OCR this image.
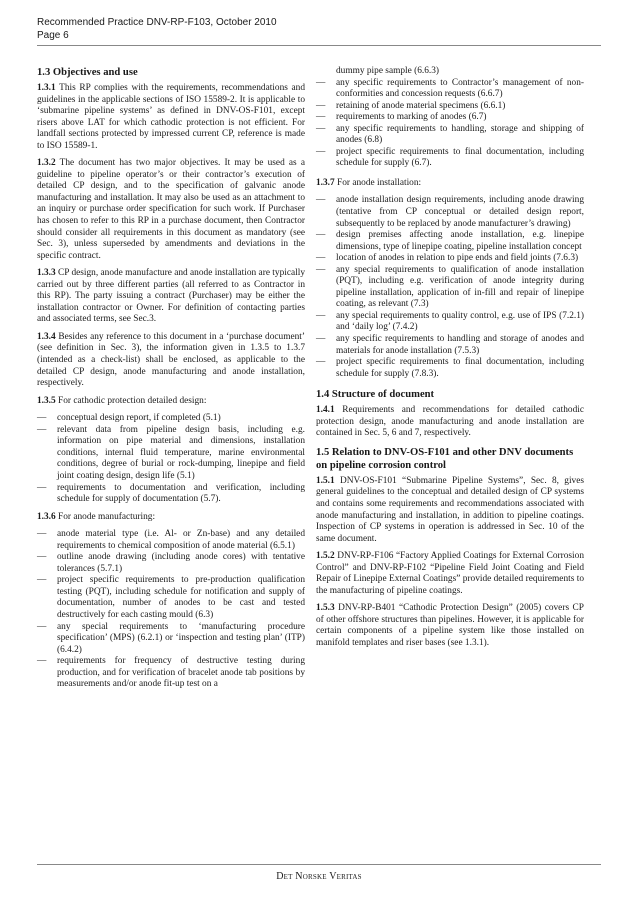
Recommended Practice DNV-RP-F103, October 2010
Page 6
1.3 Objectives and use

1.3.1 This RP complies with the requirements, recommendations and guidelines in the applicable sections of ISO 15589-2. It is applicable to ‘submarine pipeline systems’ as defined in DNV-OS-F101, except risers above LAT for which cathodic protection is not efficient. For landfall sections protected by impressed current CP, reference is made to ISO 15589-1.

1.3.2 The document has two major objectives. It may be used as a guideline to pipeline operator’s or their contractor’s execution of detailed CP design, and to the specification of galvanic anode manufacturing and installation. It may also be used as an attachment to an inquiry or purchase order specification for such work. If Purchaser has chosen to refer to this RP in a purchase document, then Contractor should consider all requirements in this document as mandatory (see Sec. 3), unless superseded by amendments and deviations in the specific contract.

1.3.3 CP design, anode manufacture and anode installation are typically carried out by three different parties (all referred to as Contractor in this RP). The party issuing a contract (Purchaser) may be either the installation contractor or Owner. For definition of contacting parties and associated terms, see Sec.3.

1.3.4 Besides any reference to this document in a ‘purchase document’ (see definition in Sec. 3), the information given in 1.3.5 to 1.3.7 (intended as a check-list) shall be enclosed, as applicable to the detailed CP design, anode manufacturing and anode installation, respectively.

1.3.5 For cathodic protection detailed design:

— conceptual design report, if completed (5.1)
— relevant data from pipeline design basis, including e.g. information on pipe material and dimensions, installation conditions, internal fluid temperature, marine environmental conditions, degree of burial or rock-dumping, linepipe and field joint coating design, design life (5.1)
— requirements to documentation and verification, including schedule for supply of documentation (5.7).

1.3.6 For anode manufacturing:

— anode material type (i.e. Al- or Zn-base) and any detailed requirements to chemical composition of anode material (6.5.1)
— outline anode drawing (including anode cores) with tentative tolerances (5.7.1)
— project specific requirements to pre-production qualification testing (PQT), including schedule for notification and supply of documentation, number of anodes to be cast and tested destructively for each casting mould (6.3)
— any special requirements to ‘manufacturing procedure specification’ (MPS) (6.2.1) or ‘inspection and testing plan’ (ITP) (6.4.2)
— requirements for frequency of destructive testing during production, and for verification of bracelet anode tab positions by measurements and/or anode fit-up test on a
dummy pipe sample (6.6.3)
— any specific requirements to Contractor’s management of non-conformities and concession requests (6.6.7)
— retaining of anode material specimens (6.6.1)
— requirements to marking of anodes (6.7)
— any specific requirements to handling, storage and shipping of anodes (6.8)
— project specific requirements to final documentation, including schedule for supply (6.7).

1.3.7 For anode installation:

— anode installation design requirements, including anode drawing (tentative from CP conceptual or detailed design report, subsequently to be replaced by anode manufacturer’s drawing)
— design premises affecting anode installation, e.g. linepipe dimensions, type of linepipe coating, pipeline installation concept
— location of anodes in relation to pipe ends and field joints (7.6.3)
— any special requirements to qualification of anode installation (PQT), including e.g. verification of anode integrity during pipeline installation, application of in-fill and repair of linepipe coating, as relevant (7.3)
— any special requirements to quality control, e.g. use of IPS (7.2.1) and ‘daily log’ (7.4.2)
— any specific requirements to handling and storage of anodes and materials for anode installation (7.5.3)
— project specific requirements to final documentation, including schedule for supply (7.8.3).
1.4 Structure of document

1.4.1 Requirements and recommendations for detailed cathodic protection design, anode manufacturing and anode installation are contained in Sec. 5, 6 and 7, respectively.

1.5 Relation to DNV-OS-F101 and other DNV documents on pipeline corrosion control

1.5.1 DNV-OS-F101 “Submarine Pipeline Systems”, Sec. 8, gives general guidelines to the conceptual and detailed design of CP systems and contains some requirements and recommendations associated with anode manufacturing and installation, in addition to pipeline coatings. Inspection of CP systems in operation is addressed in Sec. 10 of the same document.

1.5.2 DNV-RP-F106 “Factory Applied Coatings for External Corrosion Control” and DNV-RP-F102 “Pipeline Field Joint Coating and Field Repair of Linepipe External Coatings” provide detailed requirements to the manufacturing of pipeline coatings.

1.5.3 DNV-RP-B401 “Cathodic Protection Design” (2005) covers CP of other offshore structures than pipelines. However, it is applicable for certain components of a pipeline system like those installed on manifold templates and riser bases (see 1.3.1).

Det Norske Veritas
